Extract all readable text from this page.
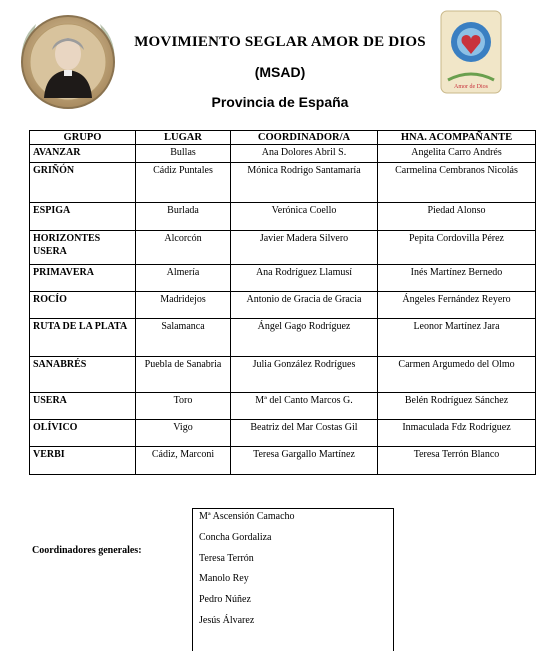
MOVIMIENTO SEGLAR AMOR DE DIOS
(MSAD)
Provincia de España
Amor de Dios
GRUPO	LUGAR	COORDINADOR/A	HNA. ACOMPAÑANTE
AVANZAR	Bullas	Ana Dolores Abril S.	Angelita Carro Andrés
GRIÑÓN	Cádiz Puntales	Mónica Rodrigo Santamaría	Carmelina Cembranos Nicolás
ESPIGA	Burlada	Verónica Coello	Piedad Alonso
HORIZONTES USERA	Alcorcón	Javier Madera Silvero	Pepita Cordovilla Pérez
PRIMAVERA	Almería	Ana Rodríguez Llamusí	Inés Martínez Bernedo
ROCÍO	Madridejos	Antonio de Gracia de Gracia	Ángeles Fernández Reyero
RUTA DE LA PLATA	Salamanca	Ángel Gago Rodríguez	Leonor Martínez Jara
SANABRÉS	Puebla de Sanabria	Julia González Rodrígues	Carmen Argumedo del Olmo
USERA	Toro	Mª del Canto Marcos G.	Belén Rodríguez Sánchez
OLÍVICO	Vigo	Beatriz del Mar Costas Gil	Inmaculada Fdz Rodríguez
VERBI	Cádiz, Marconi	Teresa Gargallo Martínez	Teresa Terrón Blanco
Coordinadores generales:
Mª Ascensión Camacho
Concha Gordaliza
Teresa Terrón
Manolo Rey
Pedro Núñez
Jesús Álvarez
